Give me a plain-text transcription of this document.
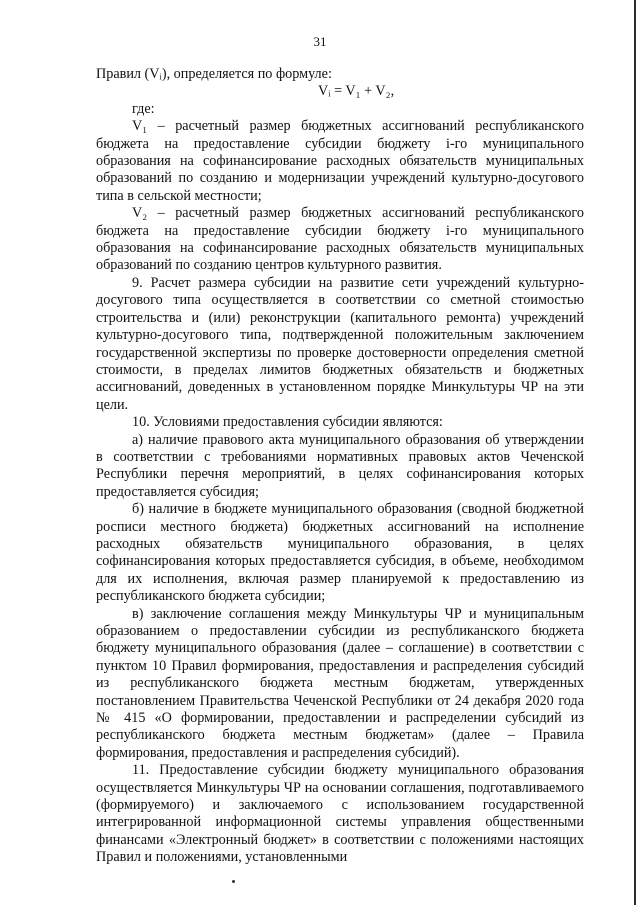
31

Правил (Vᵢ), определяется по формуле:

Vᵢ = V₁ + V₂,

где:

V₁ – расчетный размер бюджетных ассигнований республиканского бюджета на предоставление субсидии бюджету i-го муниципального образования на софинансирование расходных обязательств муниципальных образований по созданию и модернизации учреждений культурно-досугового типа в сельской местности;

V₂ – расчетный размер бюджетных ассигнований республиканского бюджета на предоставление субсидии бюджету i-го муниципального образования на софинансирование расходных обязательств муниципальных образований по созданию центров культурного развития.

9. Расчет размера субсидии на развитие сети учреждений культурно-досугового типа осуществляется в соответствии со сметной стоимостью строительства и (или) реконструкции (капитального ремонта) учреждений культурно-досугового типа, подтвержденной положительным заключением государственной экспертизы по проверке достоверности определения сметной стоимости, в пределах лимитов бюджетных обязательств и бюджетных ассигнований, доведенных в установленном порядке Минкультуры ЧР на эти цели.

10. Условиями предоставления субсидии являются:

а) наличие правового акта муниципального образования об утверждении в соответствии с требованиями нормативных правовых актов Чеченской Республики перечня мероприятий, в целях софинансирования которых предоставляется субсидия;

б) наличие в бюджете муниципального образования (сводной бюджетной росписи местного бюджета) бюджетных ассигнований на исполнение расходных обязательств муниципального образования, в целях софинансирования которых предоставляется субсидия, в объеме, необходимом для их исполнения, включая размер планируемой к предоставлению из республиканского бюджета субсидии;

в) заключение соглашения между Минкультуры ЧР и муниципальным образованием о предоставлении субсидии из республиканского бюджета бюджету муниципального образования (далее – соглашение) в соответствии с пунктом 10 Правил формирования, предоставления и распределения субсидий из республиканского бюджета местным бюджетам, утвержденных постановлением Правительства Чеченской Республики от 24 декабря 2020 года № 415 «О формировании, предоставлении и распределении субсидий из республиканского бюджета местным бюджетам» (далее – Правила формирования, предоставления и распределения субсидий).

11. Предоставление субсидии бюджету муниципального образования осуществляется Минкультуры ЧР на основании соглашения, подготавливаемого (формируемого) и заключаемого с использованием государственной интегрированной информационной системы управления общественными финансами «Электронный бюджет» в соответствии с положениями настоящих Правил и положениями, установленными
